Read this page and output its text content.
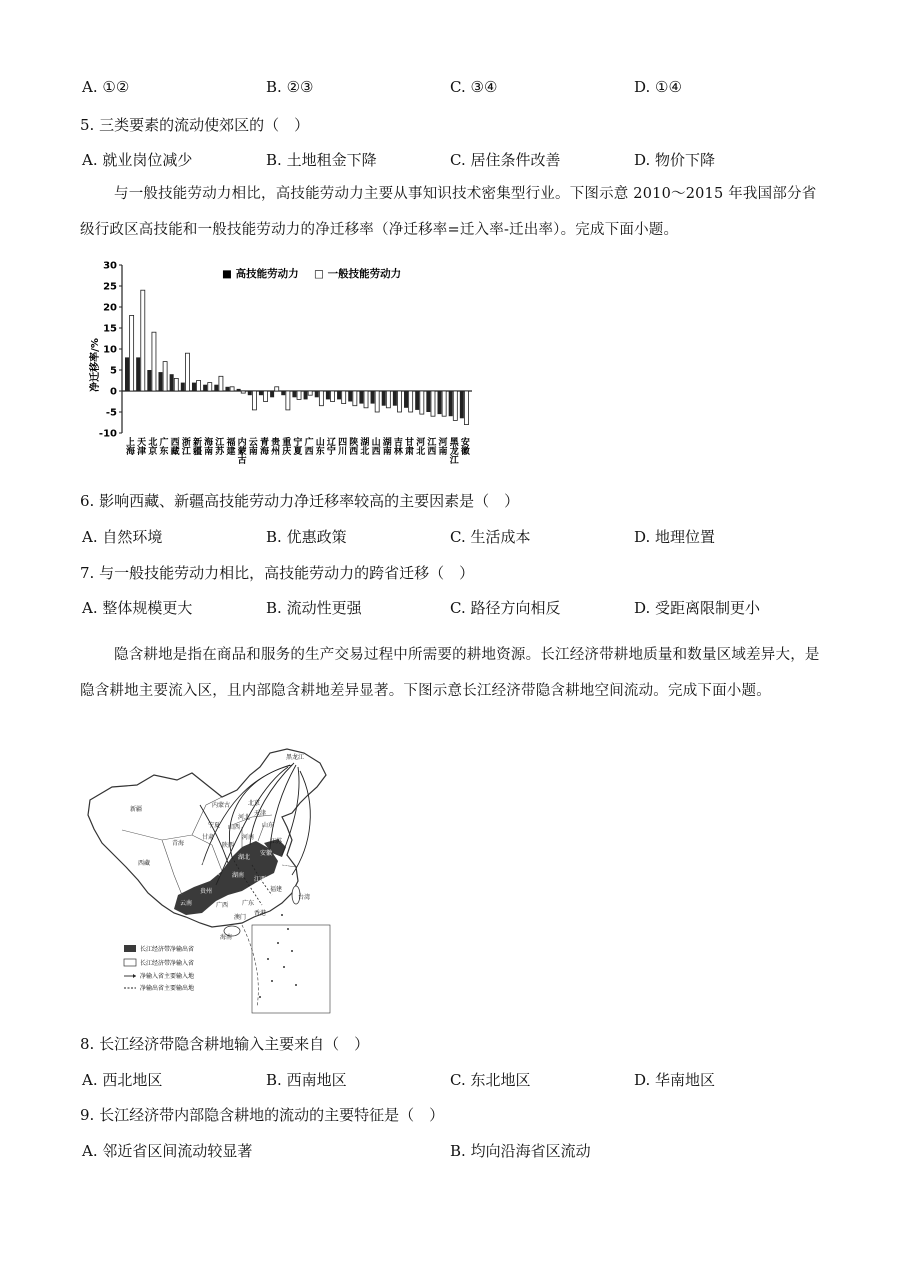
A. ①②	B. ②③	C. ③④	D. ①④
5. 三类要素的流动使郊区的（　）
A. 就业岗位减少	B. 土地租金下降	C. 居住条件改善	D. 物价下降
与一般技能劳动力相比，高技能劳动力主要从事知识技术密集型行业。下图示意 2010～2015 年我国部分省级行政区高技能和一般技能劳动力的净迁移率（净迁移率=迁入率-迁出率）。完成下面小题。
30
25
20
15
10
5
0
-5
-10
上海
天津
北京
广东
西藏
浙江
新疆
海南
江苏
福建
内蒙古
云南
青海
贵州
重庆
宁夏
广西
山东
辽宁
四川
陕西
湖北
山西
湖南
吉林
甘肃
河北
江西
河南
黑龙江
安徽
净迁移率/%
■ 高技能劳动力 □ 一般技能劳动力
6. 影响西藏、新疆高技能劳动力净迁移率较高的主要因素是（　）
A. 自然环境	B. 优惠政策	C. 生活成本	D. 地理位置
7. 与一般技能劳动力相比，高技能劳动力的跨省迁移（　）
A. 整体规模更大	B. 流动性更强	C. 路径方向相反	D. 受距离限制更小
隐含耕地是指在商品和服务的生产交易过程中所需要的耕地资源。长江经济带耕地质量和数量区域差异大，是隐含耕地主要流入区，且内部隐含耕地差异显著。下图示意长江经济带隐含耕地空间流动。完成下面小题。
黑龙江
新疆
西藏
青海
内蒙古	北京
天津
河北
宁夏
甘肃
山西	山东
陕西
河南
江苏
四川
湖北
安徽	上海
重庆 湖南
江西
浙江
贵州	福建
云南	广西 广东
台湾
香港
澳门
海南
长江经济带净输出省
长江经济带净输入省
净输入省主要输入地
净输出省主要输出地
8. 长江经济带隐含耕地输入主要来自（　）
A. 西北地区	B. 西南地区	C. 东北地区	D. 华南地区
9. 长江经济带内部隐含耕地的流动的主要特征是（　）
A. 邻近省区间流动较显著	B. 均向沿海省区流动
